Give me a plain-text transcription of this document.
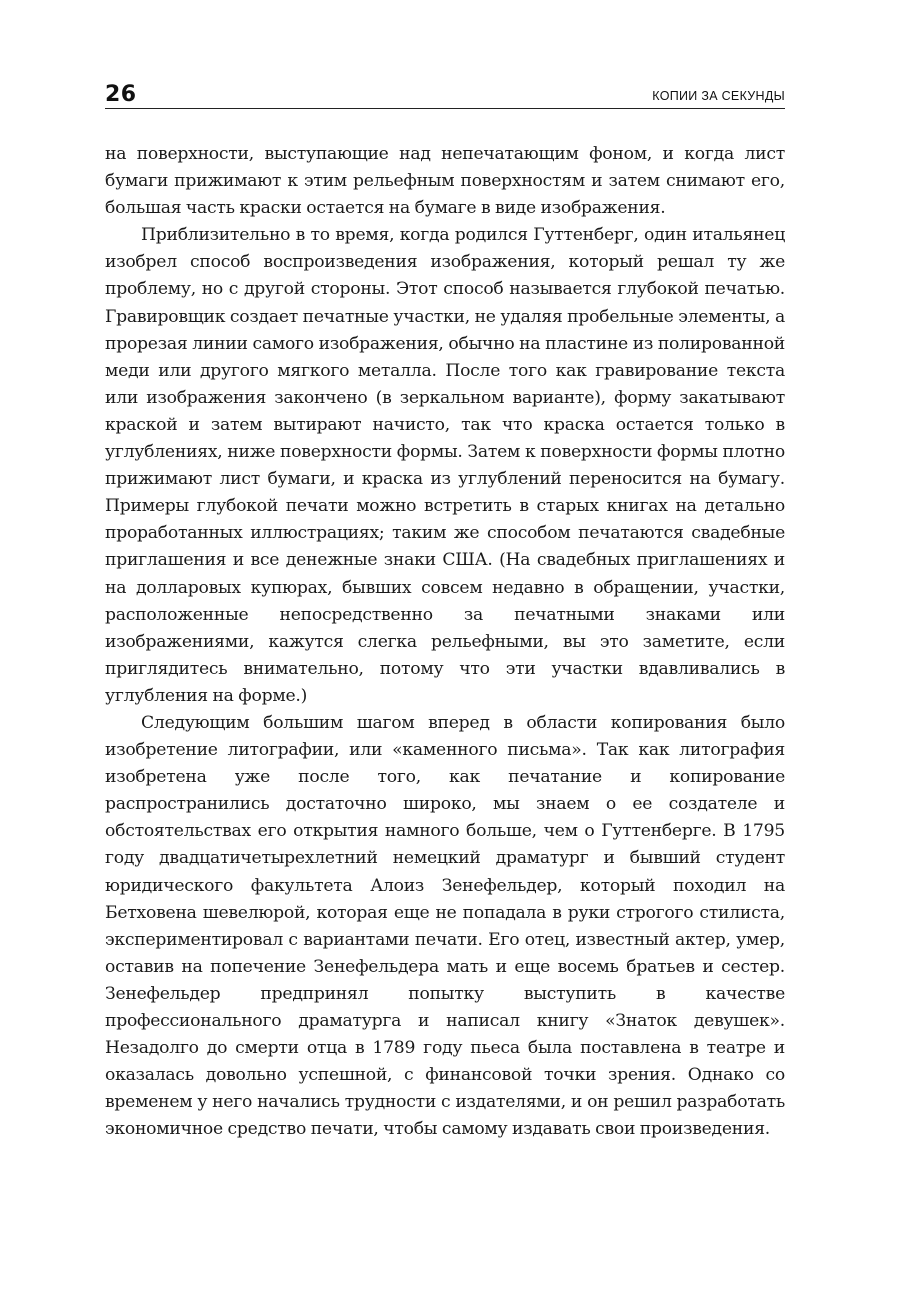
26	КОПИИ ЗА СЕКУНДЫ

на поверхности, выступающие над непечатающим фоном, и когда лист бумаги прижимают к этим рельефным поверхностям и затем снимают его, большая часть краски остается на бумаге в виде изображения.

Приблизительно в то время, когда родился Гуттенберг, один итальянец изобрел способ воспроизведения изображения, который решал ту же проблему, но с другой стороны. Этот способ называется глубокой печатью. Гравировщик создает печатные участки, не удаляя пробельные элементы, а прорезая линии самого изображения, обычно на пластине из полированной меди или другого мягкого металла. После того как гравирование текста или изображения закончено (в зеркальном варианте), форму закатывают краской и затем вытирают начисто, так что краска остается только в углублениях, ниже поверхности формы. Затем к поверхности формы плотно прижимают лист бумаги, и краска из углублений переносится на бумагу. Примеры глубокой печати можно встретить в старых книгах на детально проработанных иллюстрациях; таким же способом печатаются свадебные приглашения и все денежные знаки США. (На свадебных приглашениях и на долларовых купюрах, бывших совсем недавно в обращении, участки, расположенные непосредственно за печатными знаками или изображениями, кажутся слегка рельефными, вы это заметите, если приглядитесь внимательно, потому что эти участки вдавливались в углубления на форме.)

Следующим большим шагом вперед в области копирования было изобретение литографии, или «каменного письма». Так как литография изобретена уже после того, как печатание и копирование распространились достаточно широко, мы знаем о ее создателе и обстоятельствах его открытия намного больше, чем о Гуттенберге. В 1795 году двадцатичетырехлетний немецкий драматург и бывший студент юридического факультета Алоиз Зенефельдер, который походил на Бетховена шевелюрой, которая еще не попадала в руки строгого стилиста, экспериментировал с вариантами печати. Его отец, известный актер, умер, оставив на попечение Зенефельдера мать и еще восемь братьев и сестер. Зенефельдер предпринял попытку выступить в качестве профессионального драматурга и написал книгу «Знаток девушек». Незадолго до смерти отца в 1789 году пьеса была поставлена в театре и оказалась довольно успешной, с финансовой точки зрения. Однако со временем у него начались трудности с издателями, и он решил разработать экономичное средство печати, чтобы самому издавать свои произведения.
